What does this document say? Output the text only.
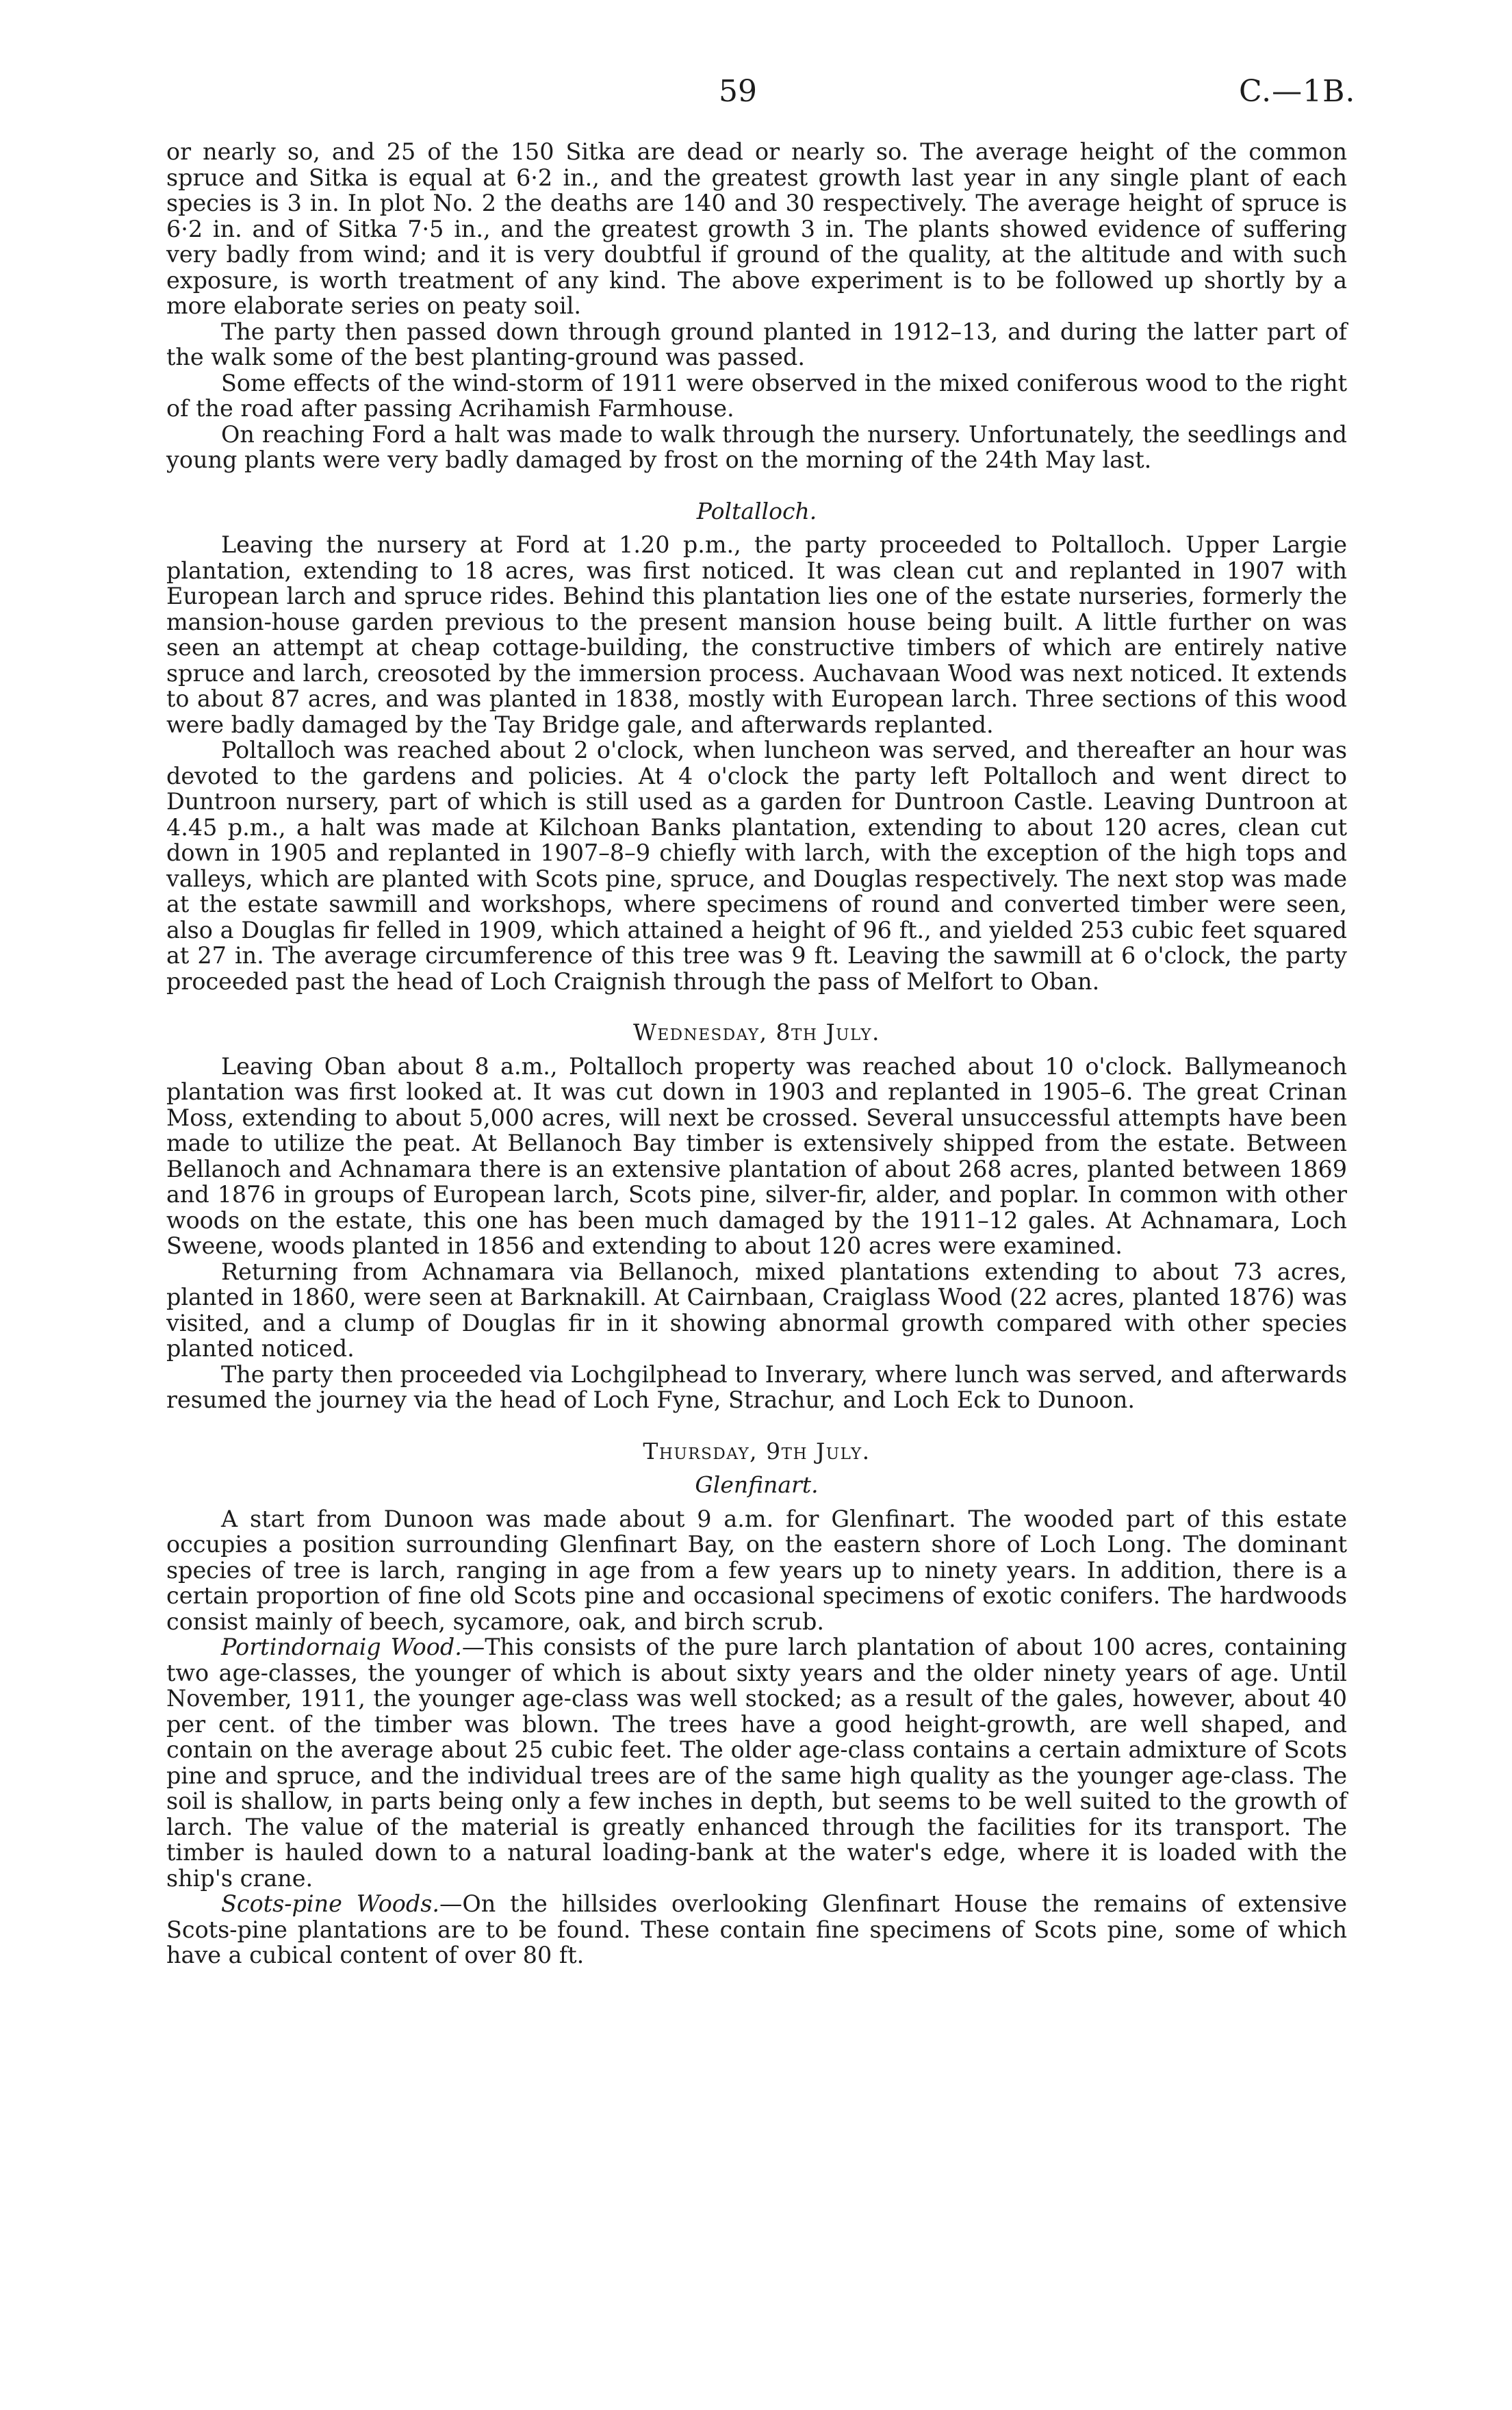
59	C.—1B.

or nearly so, and 25 of the 150 Sitka are dead or nearly so. The average height of the common spruce and Sitka is equal at 6·2 in., and the greatest growth last year in any single plant of each species is 3 in. In plot No. 2 the deaths are 140 and 30 respectively. The average height of spruce is 6·2 in. and of Sitka 7·5 in., and the greatest growth 3 in. The plants showed evidence of suffering very badly from wind; and it is very doubtful if ground of the quality, at the altitude and with such exposure, is worth treatment of any kind. The above experiment is to be followed up shortly by a more elaborate series on peaty soil.

The party then passed down through ground planted in 1912–13, and during the latter part of the walk some of the best planting-ground was passed.

Some effects of the wind-storm of 1911 were observed in the mixed coniferous wood to the right of the road after passing Acrihamish Farmhouse.

On reaching Ford a halt was made to walk through the nursery. Unfortunately, the seedlings and young plants were very badly damaged by frost on the morning of the 24th May last.

Poltalloch.

Leaving the nursery at Ford at 1.20 p.m., the party proceeded to Poltalloch. Upper Largie plantation, extending to 18 acres, was first noticed. It was clean cut and replanted in 1907 with European larch and spruce rides. Behind this plantation lies one of the estate nurseries, formerly the mansion-house garden previous to the present mansion house being built. A little further on was seen an attempt at cheap cottage-building, the constructive timbers of which are entirely native spruce and larch, creosoted by the immersion process. Auchavaan Wood was next noticed. It extends to about 87 acres, and was planted in 1838, mostly with European larch. Three sections of this wood were badly damaged by the Tay Bridge gale, and afterwards replanted.

Poltalloch was reached about 2 o'clock, when luncheon was served, and thereafter an hour was devoted to the gardens and policies. At 4 o'clock the party left Poltalloch and went direct to Duntroon nursery, part of which is still used as a garden for Duntroon Castle. Leaving Duntroon at 4.45 p.m., a halt was made at Kilchoan Banks plantation, extending to about 120 acres, clean cut down in 1905 and replanted in 1907–8–9 chiefly with larch, with the exception of the high tops and valleys, which are planted with Scots pine, spruce, and Douglas respectively. The next stop was made at the estate sawmill and workshops, where specimens of round and converted timber were seen, also a Douglas fir felled in 1909, which attained a height of 96 ft., and yielded 253 cubic feet squared at 27 in. The average circumference of this tree was 9 ft. Leaving the sawmill at 6 o'clock, the party proceeded past the head of Loch Craignish through the pass of Melfort to Oban.

Wednesday, 8th July.

Leaving Oban about 8 a.m., Poltalloch property was reached about 10 o'clock. Ballymeanoch plantation was first looked at. It was cut down in 1903 and replanted in 1905–6. The great Crinan Moss, extending to about 5,000 acres, will next be crossed. Several unsuccessful attempts have been made to utilize the peat. At Bellanoch Bay timber is extensively shipped from the estate. Between Bellanoch and Achnamara there is an extensive plantation of about 268 acres, planted between 1869 and 1876 in groups of European larch, Scots pine, silver-fir, alder, and poplar. In common with other woods on the estate, this one has been much damaged by the 1911–12 gales. At Achnamara, Loch Sweene, woods planted in 1856 and extending to about 120 acres were examined.

Returning from Achnamara via Bellanoch, mixed plantations extending to about 73 acres, planted in 1860, were seen at Barknakill. At Cairnbaan, Craiglass Wood (22 acres, planted 1876) was visited, and a clump of Douglas fir in it showing abnormal growth compared with other species planted noticed.

The party then proceeded via Lochgilphead to Inverary, where lunch was served, and afterwards resumed the journey via the head of Loch Fyne, Strachur, and Loch Eck to Dunoon.

Thursday, 9th July.
Glenfinart.

A start from Dunoon was made about 9 a.m. for Glenfinart. The wooded part of this estate occupies a position surrounding Glenfinart Bay, on the eastern shore of Loch Long. The dominant species of tree is larch, ranging in age from a few years up to ninety years. In addition, there is a certain proportion of fine old Scots pine and occasional specimens of exotic conifers. The hardwoods consist mainly of beech, sycamore, oak, and birch scrub.

Portindornaig Wood.—This consists of the pure larch plantation of about 100 acres, containing two age-classes, the younger of which is about sixty years and the older ninety years of age. Until November, 1911, the younger age-class was well stocked; as a result of the gales, however, about 40 per cent. of the timber was blown. The trees have a good height-growth, are well shaped, and contain on the average about 25 cubic feet. The older age-class contains a certain admixture of Scots pine and spruce, and the individual trees are of the same high quality as the younger age-class. The soil is shallow, in parts being only a few inches in depth, but seems to be well suited to the growth of larch. The value of the material is greatly enhanced through the facilities for its transport. The timber is hauled down to a natural loading-bank at the water's edge, where it is loaded with the ship's crane.

Scots-pine Woods.—On the hillsides overlooking Glenfinart House the remains of extensive Scots-pine plantations are to be found. These contain fine specimens of Scots pine, some of which have a cubical content of over 80 ft.
